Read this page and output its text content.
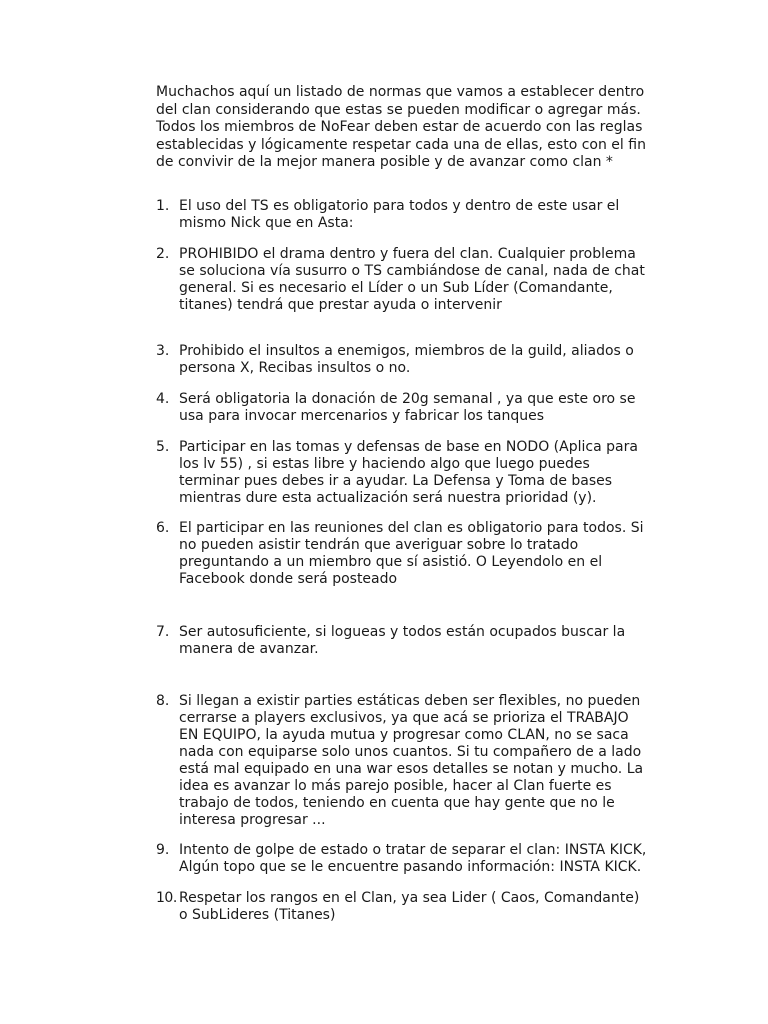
Muchachos aquí un listado de normas que vamos a establecer dentro
del clan considerando que estas se pueden modificar o agregar más.
Todos los miembros de NoFear deben estar de acuerdo con las reglas
establecidas y lógicamente respetar cada una de ellas, esto con el fin
de convivir de la mejor manera posible y de avanzar como clan *

1. El uso del TS es obligatorio para todos y dentro de este usar el
mismo Nick que en Asta:
2. PROHIBIDO el drama dentro y fuera del clan. Cualquier problema
se soluciona vía susurro o TS cambiándose de canal, nada de chat
general. Si es necesario el Líder o un Sub Líder (Comandante,
titanes) tendrá que prestar ayuda o intervenir
3. Prohibido el insultos a enemigos, miembros de la guild, aliados o
persona X, Recibas insultos o no.
4. Será obligatoria la donación de 20g semanal , ya que este oro se
usa para invocar mercenarios y fabricar los tanques
5. Participar en las tomas y defensas de base en NODO (Aplica para
los lv 55) , si estas libre y haciendo algo que luego puedes
terminar pues debes ir a ayudar. La Defensa y Toma de bases
mientras dure esta actualización será nuestra prioridad (y).
6. El participar en las reuniones del clan es obligatorio para todos. Si
no pueden asistir tendrán que averiguar sobre lo tratado
preguntando a un miembro que sí asistió. O Leyendolo en el
Facebook donde será posteado
7. Ser autosuficiente, si logueas y todos están ocupados buscar la
manera de avanzar.
8. Si llegan a existir parties estáticas deben ser flexibles, no pueden
cerrarse a players exclusivos, ya que acá se prioriza el TRABAJO
EN EQUIPO, la ayuda mutua y progresar como CLAN, no se saca
nada con equiparse solo unos cuantos. Si tu compañero de a lado
está mal equipado en una war esos detalles se notan y mucho. La
idea es avanzar lo más parejo posible, hacer al Clan fuerte es
trabajo de todos, teniendo en cuenta que hay gente que no le
interesa progresar ...
9. Intento de golpe de estado o tratar de separar el clan: INSTA KICK,
Algún topo que se le encuentre pasando información: INSTA KICK.
10. Respetar los rangos en el Clan, ya sea Lider ( Caos, Comandante)
o SubLideres (Titanes)
